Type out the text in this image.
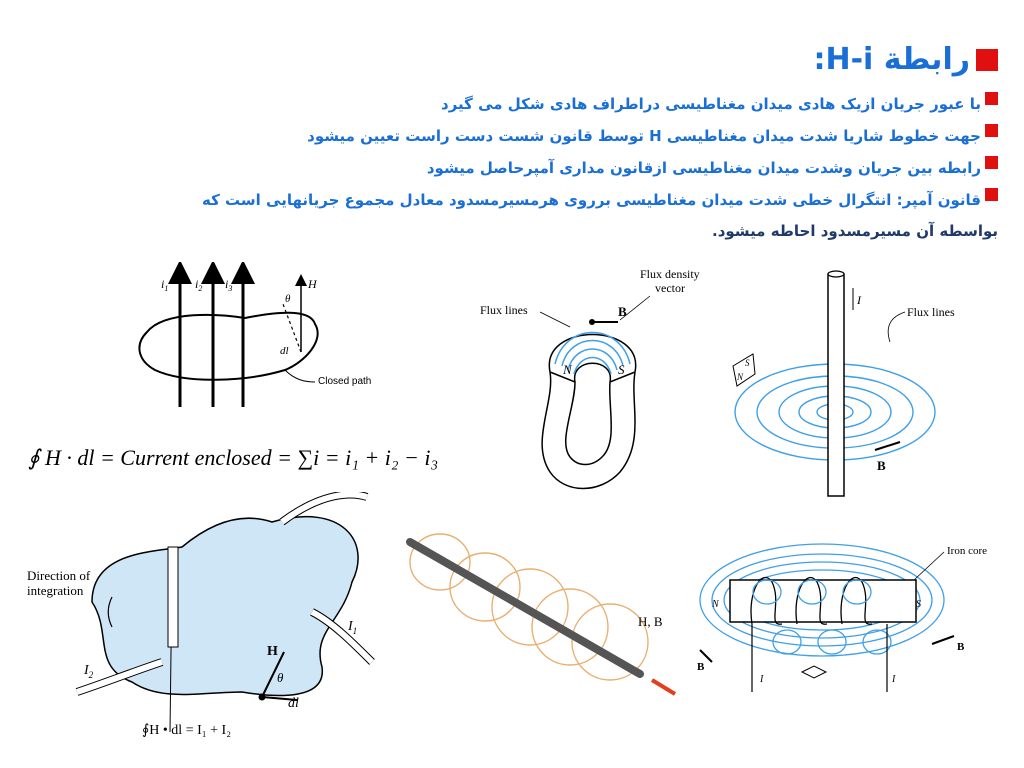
رابطة H-i:
با عبور جریان ازیک هادی میدان مغناطیسی دراطراف هادی شکل می گیرد
جهت خطوط شاریا شدت میدان مغناطیسی H توسط قانون شست دست راست تعیین میشود
رابطه بین جریان وشدت میدان مغناطیسی ازقانون مداری آمپرحاصل میشود
قانون آمپر: انتگرال خطی شدت میدان مغناطیسی برروی هرمسیرمسدود معادل مجموع جریانهایی است که
بواسطه آن مسیرمسدود احاطه میشود.
$i_1$ $i_2$ $i_3$	H
θ
dl
Closed path
∮ H · dl = Current enclosed = ∑i = i₁ + i₂ − i₃
N	S
B
Flux lines
Flux density
vector
I
Flux lines
N
S
B
Direction of
integration
$I_1$
$I_2$
H
θ
dl
∮H • dl = I₁ + I₂
H, B
Iron core
N	S
B
B
I	I
